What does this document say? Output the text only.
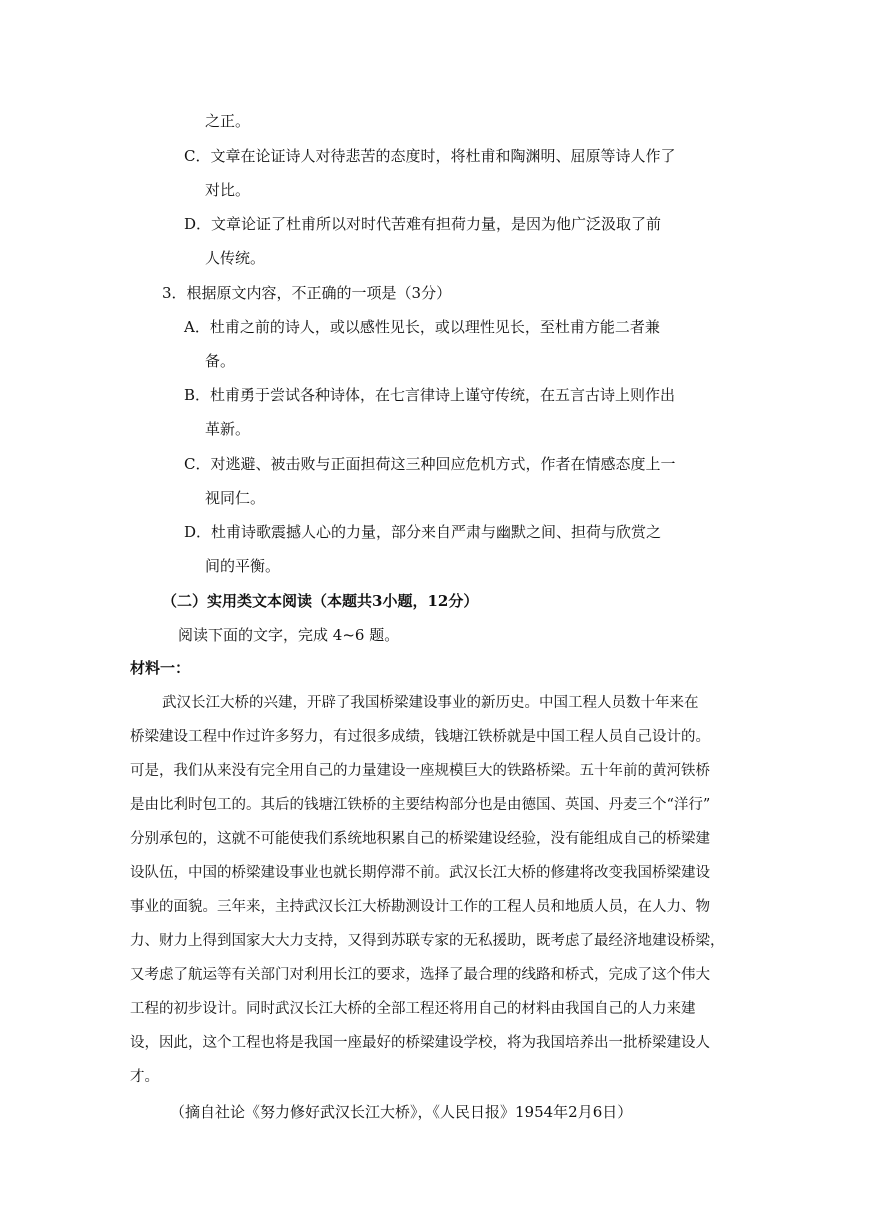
之正。
C．文章在论证诗人对待悲苦的态度时，将杜甫和陶渊明、屈原等诗人作了
对比。
D．文章论证了杜甫所以对时代苦难有担荷力量，是因为他广泛汲取了前
人传统。
3．根据原文内容，不正确的一项是（3分）
A．杜甫之前的诗人，或以感性见长，或以理性见长，至杜甫方能二者兼
备。
B．杜甫勇于尝试各种诗体，在七言律诗上谨守传统，在五言古诗上则作出
革新。
C．对逃避、被击败与正面担荷这三种回应危机方式，作者在情感态度上一
视同仁。
D．杜甫诗歌震撼人心的力量，部分来自严肃与幽默之间、担荷与欣赏之
间的平衡。
（二）实用类文本阅读（本题共3小题，12分）
阅读下面的文字，完成 4~6 题。
材料一：
武汉长江大桥的兴建，开辟了我国桥梁建设事业的新历史。中国工程人员数十年来在
桥梁建设工程中作过许多努力，有过很多成绩，钱塘江铁桥就是中国工程人员自己设计的。
可是，我们从来没有完全用自己的力量建设一座规模巨大的铁路桥梁。五十年前的黄河铁桥
是由比利时包工的。其后的钱塘江铁桥的主要结构部分也是由德国、英国、丹麦三个“洋行”
分别承包的，这就不可能使我们系统地积累自己的桥梁建设经验，没有能组成自己的桥梁建
设队伍，中国的桥梁建设事业也就长期停滞不前。武汉长江大桥的修建将改变我国桥梁建设
事业的面貌。三年来，主持武汉长江大桥勘测设计工作的工程人员和地质人员，在人力、物
力、财力上得到国家大大力支持，又得到苏联专家的无私援助，既考虑了最经济地建设桥梁，
又考虑了航运等有关部门对利用长江的要求，选择了最合理的线路和桥式，完成了这个伟大
工程的初步设计。同时武汉长江大桥的全部工程还将用自己的材料由我国自己的人力来建
设，因此，这个工程也将是我国一座最好的桥梁建设学校，将为我国培养出一批桥梁建设人
才。
（摘自社论《努力修好武汉长江大桥》，《人民日报》1954年2月6日）
